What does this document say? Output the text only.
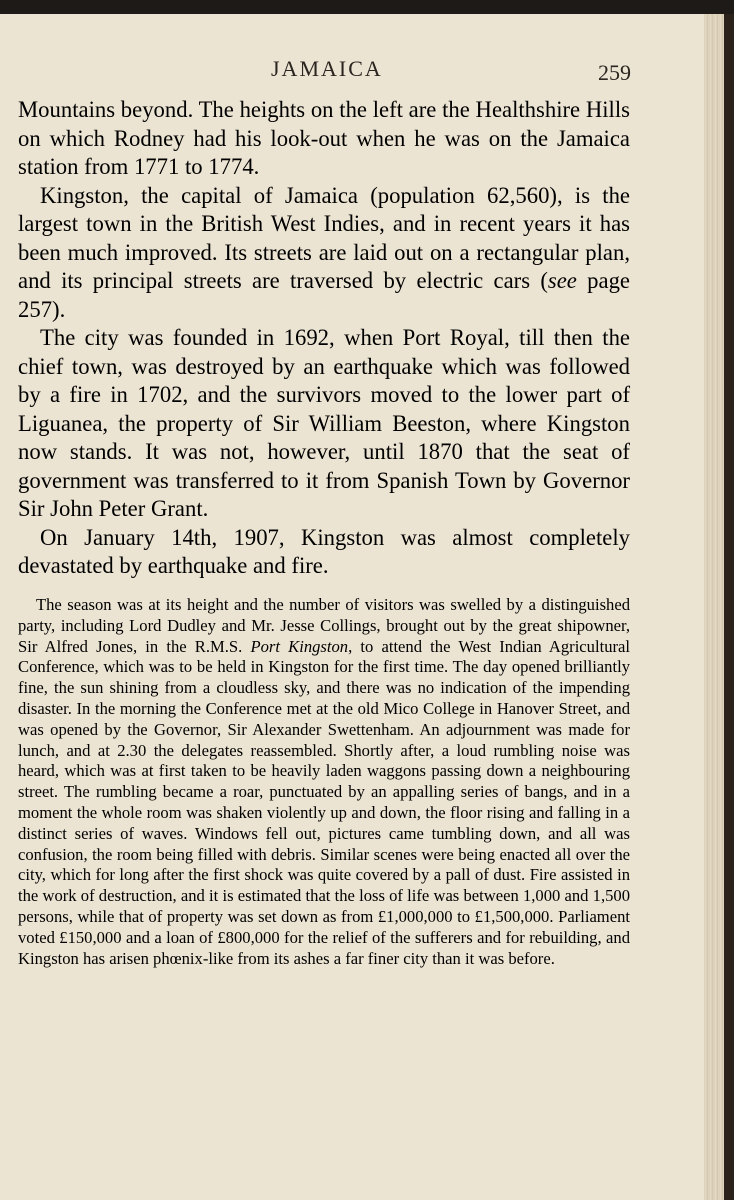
JAMAICA	259

Mountains beyond. The heights on the left are the Healthshire Hills on which Rodney had his look-out when he was on the Jamaica station from 1771 to 1774.

Kingston, the capital of Jamaica (population 62,560), is the largest town in the British West Indies, and in recent years it has been much improved. Its streets are laid out on a rectangular plan, and its principal streets are traversed by electric cars (see page 257).

The city was founded in 1692, when Port Royal, till then the chief town, was destroyed by an earthquake which was followed by a fire in 1702, and the survivors moved to the lower part of Liguanea, the property of Sir William Beeston, where Kingston now stands. It was not, however, until 1870 that the seat of government was transferred to it from Spanish Town by Governor Sir John Peter Grant.

On January 14th, 1907, Kingston was almost completely devastated by earthquake and fire.

The season was at its height and the number of visitors was swelled by a distinguished party, including Lord Dudley and Mr. Jesse Collings, brought out by the great shipowner, Sir Alfred Jones, in the R.M.S. Port Kingston, to attend the West Indian Agricultural Conference, which was to be held in Kingston for the first time. The day opened brilliantly fine, the sun shining from a cloudless sky, and there was no indication of the impending disaster. In the morning the Conference met at the old Mico College in Hanover Street, and was opened by the Governor, Sir Alexander Swettenham. An adjournment was made for lunch, and at 2.30 the delegates reassembled. Shortly after, a loud rumbling noise was heard, which was at first taken to be heavily laden waggons passing down a neighbouring street. The rumbling became a roar, punctuated by an appalling series of bangs, and in a moment the whole room was shaken violently up and down, the floor rising and falling in a distinct series of waves. Windows fell out, pictures came tumbling down, and all was confusion, the room being filled with debris. Similar scenes were being enacted all over the city, which for long after the first shock was quite covered by a pall of dust. Fire assisted in the work of destruction, and it is estimated that the loss of life was between 1,000 and 1,500 persons, while that of property was set down as from £1,000,000 to £1,500,000. Parliament voted £150,000 and a loan of £800,000 for the relief of the sufferers and for rebuilding, and Kingston has arisen phœnix-like from its ashes a far finer city than it was before.
